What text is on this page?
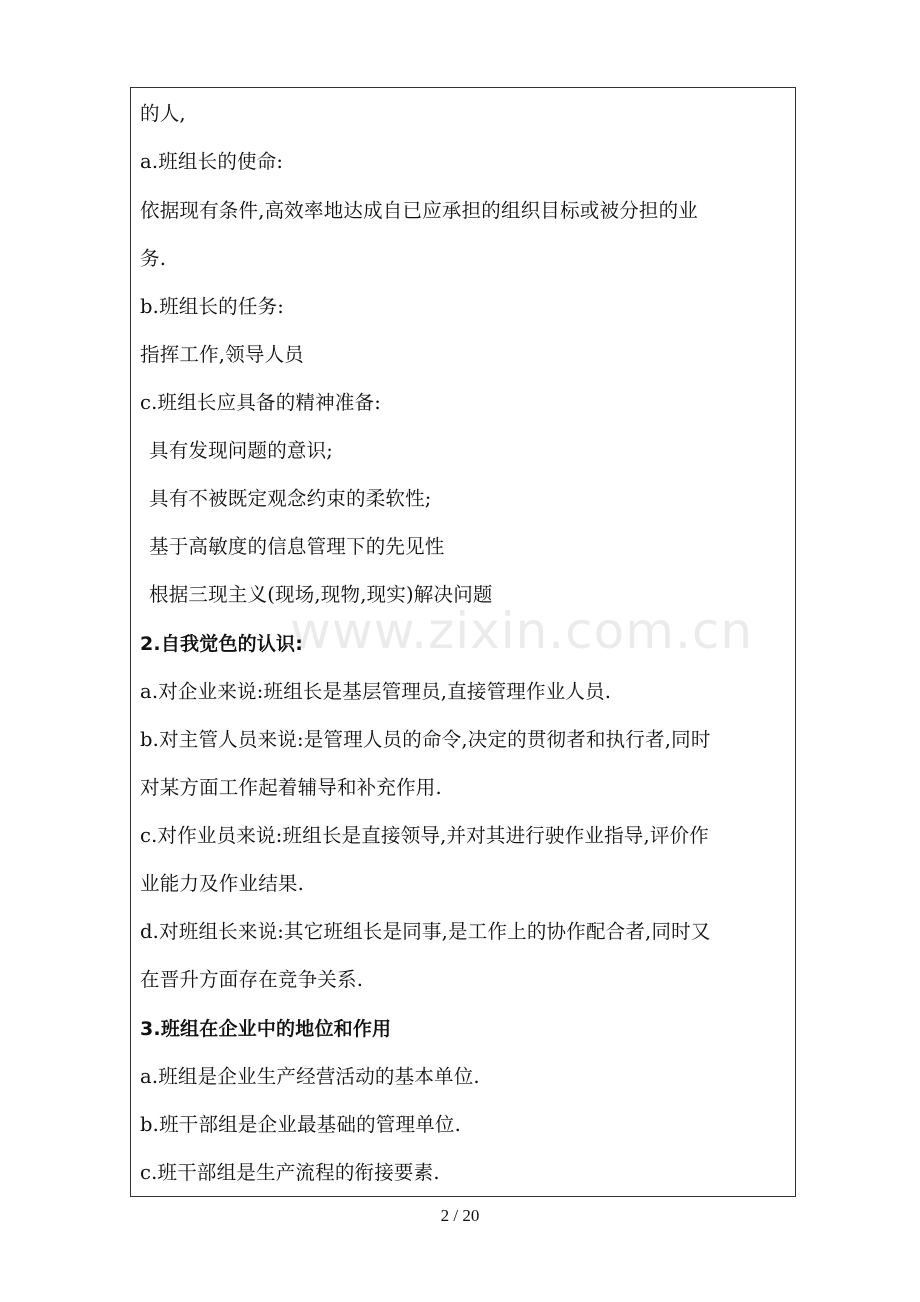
的人,
a.班组长的使命:
依据现有条件,高效率地达成自已应承担的组织目标或被分担的业
务.
b.班组长的任务:
指挥工作,领导人员
c.班组长应具备的精神准备:
具有发现问题的意识;
具有不被既定观念约束的柔软性;
基于高敏度的信息管理下的先见性
根据三现主义(现场,现物,现实)解决问题
2.自我觉色的认识:
a.对企业来说:班组长是基层管理员,直接管理作业人员.
b.对主管人员来说:是管理人员的命令,决定的贯彻者和执行者,同时
对某方面工作起着辅导和补充作用.
c.对作业员来说:班组长是直接领导,并对其进行驶作业指导,评价作
业能力及作业结果.
d.对班组长来说:其它班组长是同事,是工作上的协作配合者,同时又
在晋升方面存在竞争关系.
3.班组在企业中的地位和作用
a.班组是企业生产经营活动的基本单位.
b.班干部组是企业最基础的管理单位.
c.班干部组是生产流程的衔接要素.
www.zixin.com.cn
2 / 20
